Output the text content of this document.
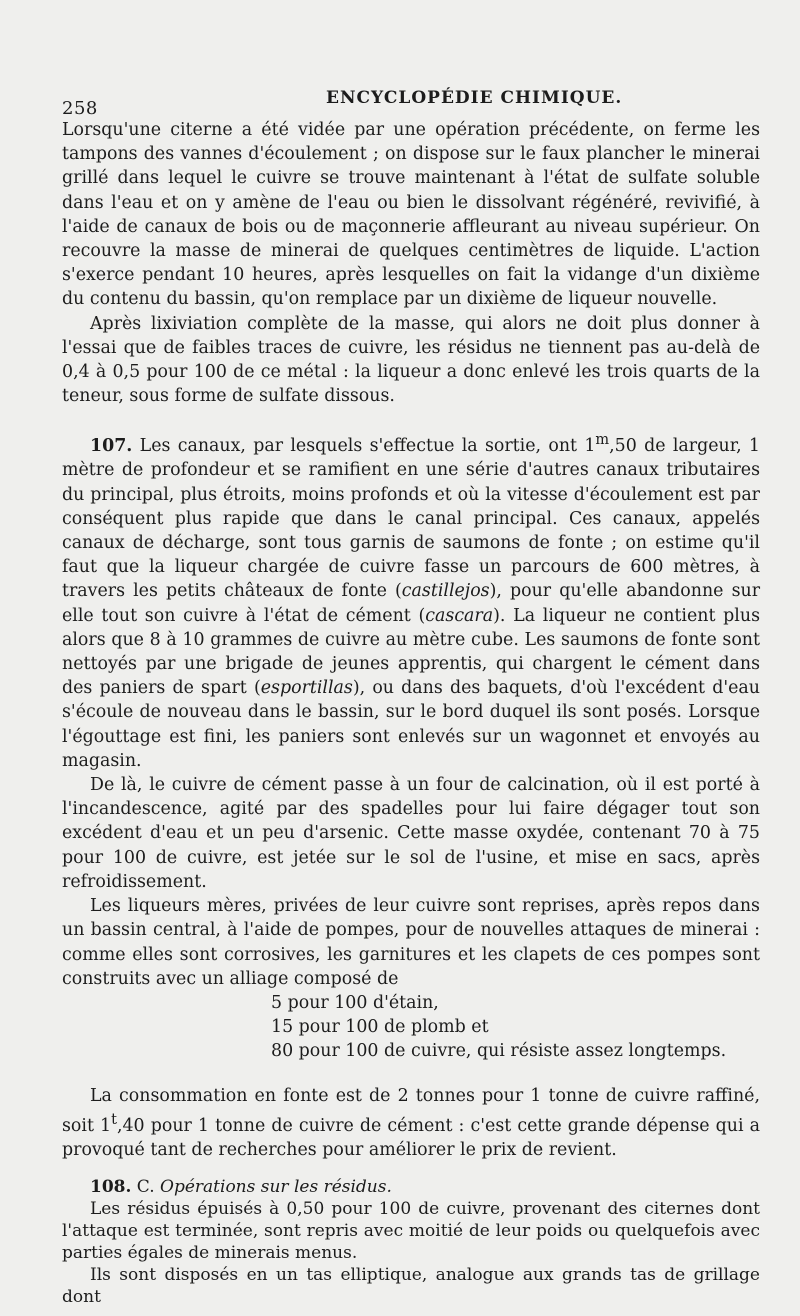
258	ENCYCLOPÉDIE CHIMIQUE.

Lorsqu'une citerne a été vidée par une opération précédente, on ferme les tampons des vannes d'écoulement ; on dispose sur le faux plancher le minerai grillé dans lequel le cuivre se trouve maintenant à l'état de sulfate soluble dans l'eau et on y amène de l'eau ou bien le dissolvant régénéré, revivifié, à l'aide de canaux de bois ou de maçonnerie affleurant au niveau supérieur. On recouvre la masse de minerai de quelques centimètres de liquide. L'action s'exerce pendant 10 heures, après lesquelles on fait la vidange d'un dixième du contenu du bassin, qu'on remplace par un dixième de liqueur nouvelle.

Après lixiviation complète de la masse, qui alors ne doit plus donner à l'essai que de faibles traces de cuivre, les résidus ne tiennent pas au-delà de 0,4 à 0,5 pour 100 de ce métal : la liqueur a donc enlevé les trois quarts de la teneur, sous forme de sulfate dissous.

107. Les canaux, par lesquels s'effectue la sortie, ont 1$^m$,50 de largeur, 1 mètre de profondeur et se ramifient en une série d'autres canaux tributaires du principal, plus étroits, moins profonds et où la vitesse d'écoulement est par conséquent plus rapide que dans le canal principal. Ces canaux, appelés canaux de décharge, sont tous garnis de saumons de fonte ; on estime qu'il faut que la liqueur chargée de cuivre fasse un parcours de 600 mètres, à travers les petits châteaux de fonte (castillejos), pour qu'elle abandonne sur elle tout son cuivre à l'état de cément (cascara). La liqueur ne contient plus alors que 8 à 10 grammes de cuivre au mètre cube. Les saumons de fonte sont nettoyés par une brigade de jeunes apprentis, qui chargent le cément dans des paniers de spart (esportillas), ou dans des baquets, d'où l'excédent d'eau s'écoule de nouveau dans le bassin, sur le bord duquel ils sont posés. Lorsque l'égouttage est fini, les paniers sont enlevés sur un wagonnet et envoyés au magasin.

De là, le cuivre de cément passe à un four de calcination, où il est porté à l'incandescence, agité par des spadelles pour lui faire dégager tout son excédent d'eau et un peu d'arsenic. Cette masse oxydée, contenant 70 à 75 pour 100 de cuivre, est jetée sur le sol de l'usine, et mise en sacs, après refroidissement.

Les liqueurs mères, privées de leur cuivre sont reprises, après repos dans un bassin central, à l'aide de pompes, pour de nouvelles attaques de minerai : comme elles sont corrosives, les garnitures et les clapets de ces pompes sont construits avec un alliage composé de

5 pour 100 d'étain,
15 pour 100 de plomb et
80 pour 100 de cuivre, qui résiste assez longtemps.

La consommation en fonte est de 2 tonnes pour 1 tonne de cuivre raffiné, soit 1$^t$,40 pour 1 tonne de cuivre de cément : c'est cette grande dépense qui a provoqué tant de recherches pour améliorer le prix de revient.

108. C. Opérations sur les résidus.

Les résidus épuisés à 0,50 pour 100 de cuivre, provenant des citernes dont l'attaque est terminée, sont repris avec moitié de leur poids ou quelquefois avec parties égales de minerais menus.

Ils sont disposés en un tas elliptique, analogue aux grands tas de grillage dont
